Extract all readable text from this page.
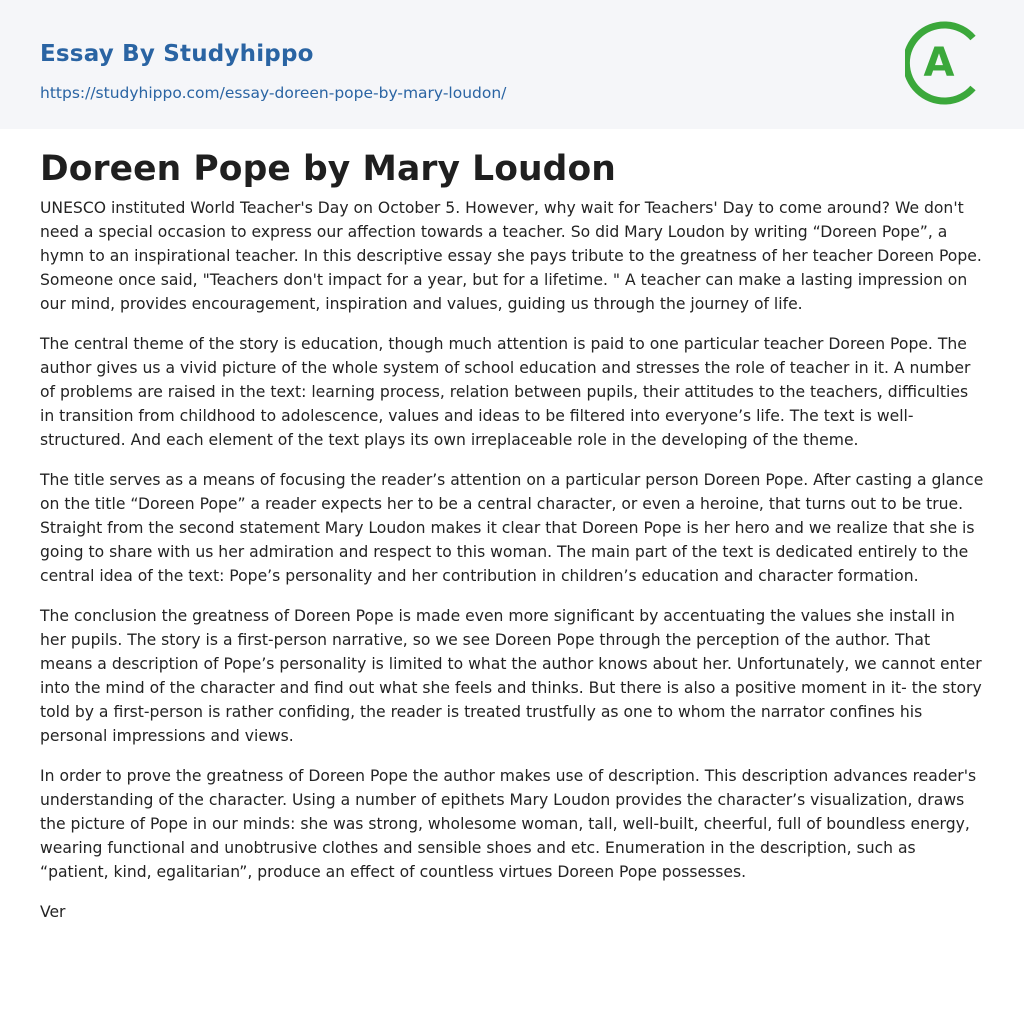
Essay By Studyhippo
https://studyhippo.com/essay-doreen-pope-by-mary-loudon/
A
Doreen Pope by Mary Loudon

UNESCO instituted World Teacher's Day on October 5. However, why wait for Teachers' Day to come around? We don't need a special occasion to express our affection towards a teacher. So did Mary Loudon by writing “Doreen Pope”, a hymn to an inspirational teacher. In this descriptive essay she pays tribute to the greatness of her teacher Doreen Pope. Someone once said, "Teachers don't impact for a year, but for a lifetime. " A teacher can make a lasting impression on our mind, provides encouragement, inspiration and values, guiding us through the journey of life.

The central theme of the story is education, though much attention is paid to one particular teacher Doreen Pope. The author gives us a vivid picture of the whole system of school education and stresses the role of teacher in it. A number of problems are raised in the text: learning process, relation between pupils, their attitudes to the teachers, difficulties in transition from childhood to adolescence, values and ideas to be filtered into everyone’s life. The text is well-structured. And each element of the text plays its own irreplaceable role in the developing of the theme.

The title serves as a means of focusing the reader’s attention on a particular person Doreen Pope. After casting a glance on the title “Doreen Pope” a reader expects her to be a central character, or even a heroine, that turns out to be true. Straight from the second statement Mary Loudon makes it clear that Doreen Pope is her hero and we realize that she is going to share with us her admiration and respect to this woman. The main part of the text is dedicated entirely to the central idea of the text: Pope’s personality and her contribution in children’s education and character formation.

The conclusion the greatness of Doreen Pope is made even more significant by accentuating the values she install in her pupils. The story is a first-person narrative, so we see Doreen Pope through the perception of the author. That means a description of Pope’s personality is limited to what the author knows about her. Unfortunately, we cannot enter into the mind of the character and find out what she feels and thinks. But there is also a positive moment in it- the story told by a first-person is rather confiding, the reader is treated trustfully as one to whom the narrator confines his personal impressions and views.

In order to prove the greatness of Doreen Pope the author makes use of description. This description advances reader's understanding of the character. Using a number of epithets Mary Loudon provides the character’s visualization, draws the picture of Pope in our minds: she was strong, wholesome woman, tall, well-built, cheerful, full of boundless energy, wearing functional and unobtrusive clothes and sensible shoes and etc. Enumeration in the description, such as “patient, kind, egalitarian”, produce an effect of countless virtues Doreen Pope possesses.

Ver
